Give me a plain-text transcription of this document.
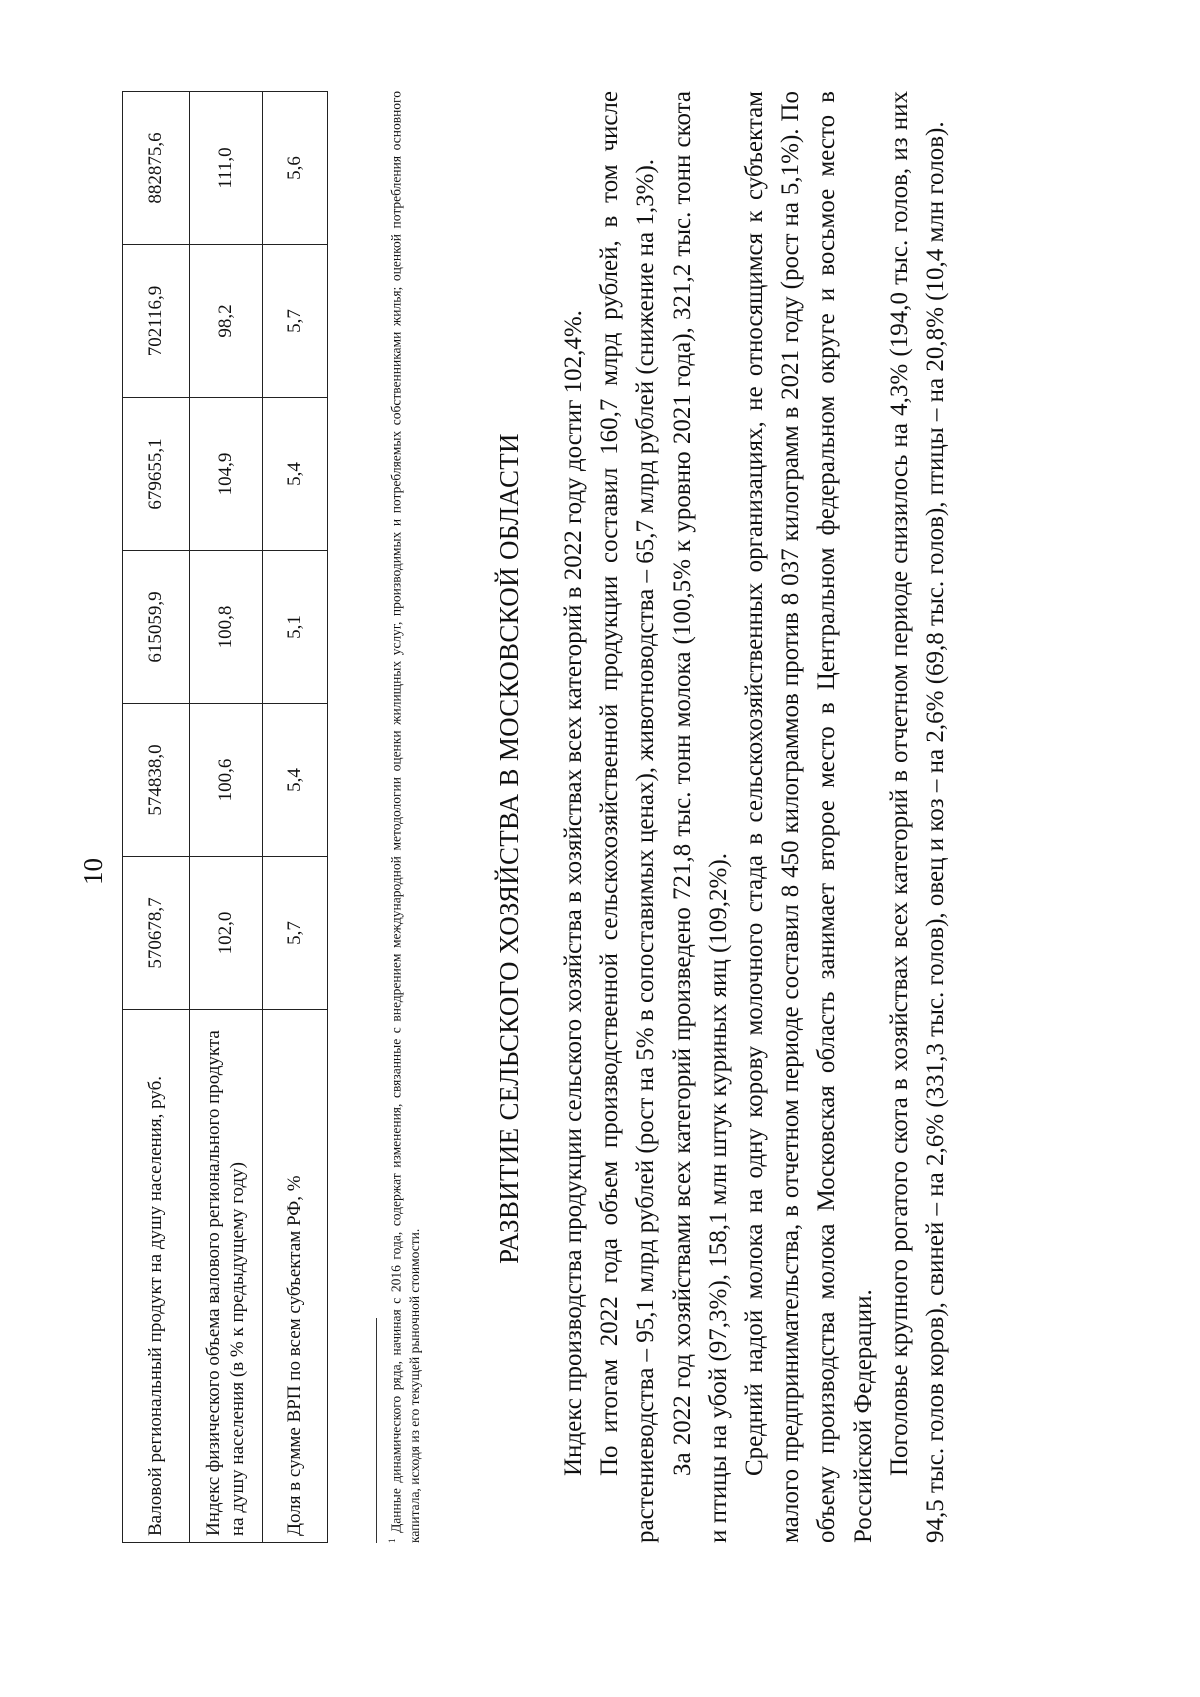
10
Валовой региональный продукт на душу населения, руб.	570678,7	574838,0	615059,9	679655,1	702116,9	882875,6
Индекс физического объема валового регионального продукта на душу населения (в % к предыдущему году)	102,0	100,6	100,8	104,9	98,2	111,0
Доля в сумме ВРП по всем субъектам РФ, %	5,7	5,4	5,1	5,4	5,7	5,6
$^1$ Данные динамического ряда, начиная с 2016 года, содержат изменения, связанные с внедрением международной методологии оценки жилищных услуг, производимых и потребляемых собственниками жилья; оценкой потребления основного капитала, исходя из его текущей рыночной стоимости.
РАЗВИТИЕ СЕЛЬСКОГО ХОЗЯЙСТВА В МОСКОВСКОЙ ОБЛАСТИ Индекс производства продукции сельского хозяйства в хозяйствах всех категорий в 2022 году достиг 102,4%. По итогам 2022 года объем производственной сельскохозяйственной продукции составил 160,7 млрд рублей, в том числе растениеводства – 95,1 млрд рублей (рост на 5% в сопоставимых ценах), животноводства – 65,7 млрд рублей (снижение на 1,3%). За 2022 год хозяйствами всех категорий произведено 721,8 тыс. тонн молока (100,5% к уровню 2021 года), 321,2 тыс. тонн скота и птицы на убой (97,3%), 158,1 млн штук куриных яиц (109,2%). Средний надой молока на одну корову молочного стада в сельскохозяйственных организациях, не относящимся к субъектам малого предпринимательства, в отчетном периоде составил 8 450 килограммов против 8 037 килограмм в 2021 году (рост на 5,1%). По объему производства молока Московская область занимает второе место в Центральном федеральном округе и восьмое место в Российской Федерации. Поголовье крупного рогатого скота в хозяйствах всех категорий в отчетном периоде снизилось на 4,3% (194,0 тыс. голов, из них 94,5 тыс. голов коров), свиней – на 2,6% (331,3 тыс. голов), овец и коз – на 2,6% (69,8 тыс. голов), птицы – на 20,8% (10,4 млн голов).
